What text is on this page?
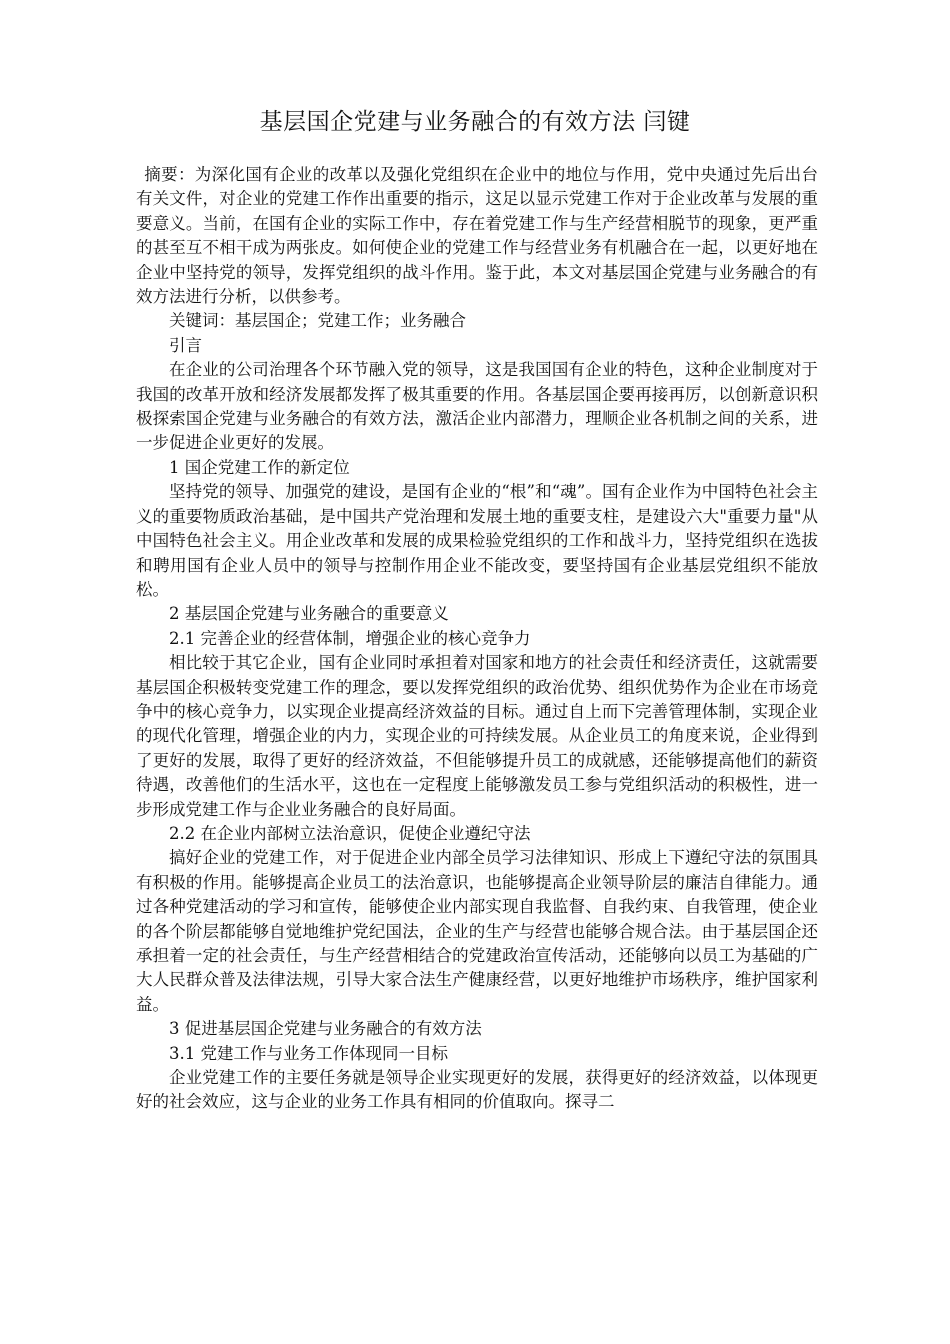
基层国企党建与业务融合的有效方法 闫键

摘要：为深化国有企业的改革以及强化党组织在企业中的地位与作用，党中央通过先后出台有关文件，对企业的党建工作作出重要的指示，这足以显示党建工作对于企业改革与发展的重要意义。当前，在国有企业的实际工作中，存在着党建工作与生产经营相脱节的现象，更严重的甚至互不相干成为两张皮。如何使企业的党建工作与经营业务有机融合在一起，以更好地在企业中坚持党的领导，发挥党组织的战斗作用。鉴于此，本文对基层国企党建与业务融合的有效方法进行分析，以供参考。

关键词：基层国企；党建工作；业务融合

引言

在企业的公司治理各个环节融入党的领导，这是我国国有企业的特色，这种企业制度对于我国的改革开放和经济发展都发挥了极其重要的作用。各基层国企要再接再厉，以创新意识积极探索国企党建与业务融合的有效方法，激活企业内部潜力，理顺企业各机制之间的关系，进一步促进企业更好的发展。

1 国企党建工作的新定位

坚持党的领导、加强党的建设，是国有企业的“根”和“魂”。国有企业作为中国特色社会主义的重要物质政治基础，是中国共产党治理和发展土地的重要支柱，是建设六大"重要力量"从中国特色社会主义。用企业改革和发展的成果检验党组织的工作和战斗力，坚持党组织在选拔和聘用国有企业人员中的领导与控制作用企业不能改变，要坚持国有企业基层党组织不能放松。

2 基层国企党建与业务融合的重要意义

2.1 完善企业的经营体制，增强企业的核心竞争力

相比较于其它企业，国有企业同时承担着对国家和地方的社会责任和经济责任，这就需要基层国企积极转变党建工作的理念，要以发挥党组织的政治优势、组织优势作为企业在市场竞争中的核心竞争力，以实现企业提高经济效益的目标。通过自上而下完善管理体制，实现企业的现代化管理，增强企业的内力，实现企业的可持续发展。从企业员工的角度来说，企业得到了更好的发展，取得了更好的经济效益，不但能够提升员工的成就感，还能够提高他们的薪资待遇，改善他们的生活水平，这也在一定程度上能够激发员工参与党组织活动的积极性，进一步形成党建工作与企业业务融合的良好局面。

2.2 在企业内部树立法治意识，促使企业遵纪守法

搞好企业的党建工作，对于促进企业内部全员学习法律知识、形成上下遵纪守法的氛围具有积极的作用。能够提高企业员工的法治意识，也能够提高企业领导阶层的廉洁自律能力。通过各种党建活动的学习和宣传，能够使企业内部实现自我监督、自我约束、自我管理，使企业的各个阶层都能够自觉地维护党纪国法，企业的生产与经营也能够合规合法。由于基层国企还承担着一定的社会责任，与生产经营相结合的党建政治宣传活动，还能够向以员工为基础的广大人民群众普及法律法规，引导大家合法生产健康经营，以更好地维护市场秩序，维护国家利益。

3 促进基层国企党建与业务融合的有效方法

3.1 党建工作与业务工作体现同一目标

企业党建工作的主要任务就是领导企业实现更好的发展，获得更好的经济效益，以体现更好的社会效应，这与企业的业务工作具有相同的价值取向。探寻二
